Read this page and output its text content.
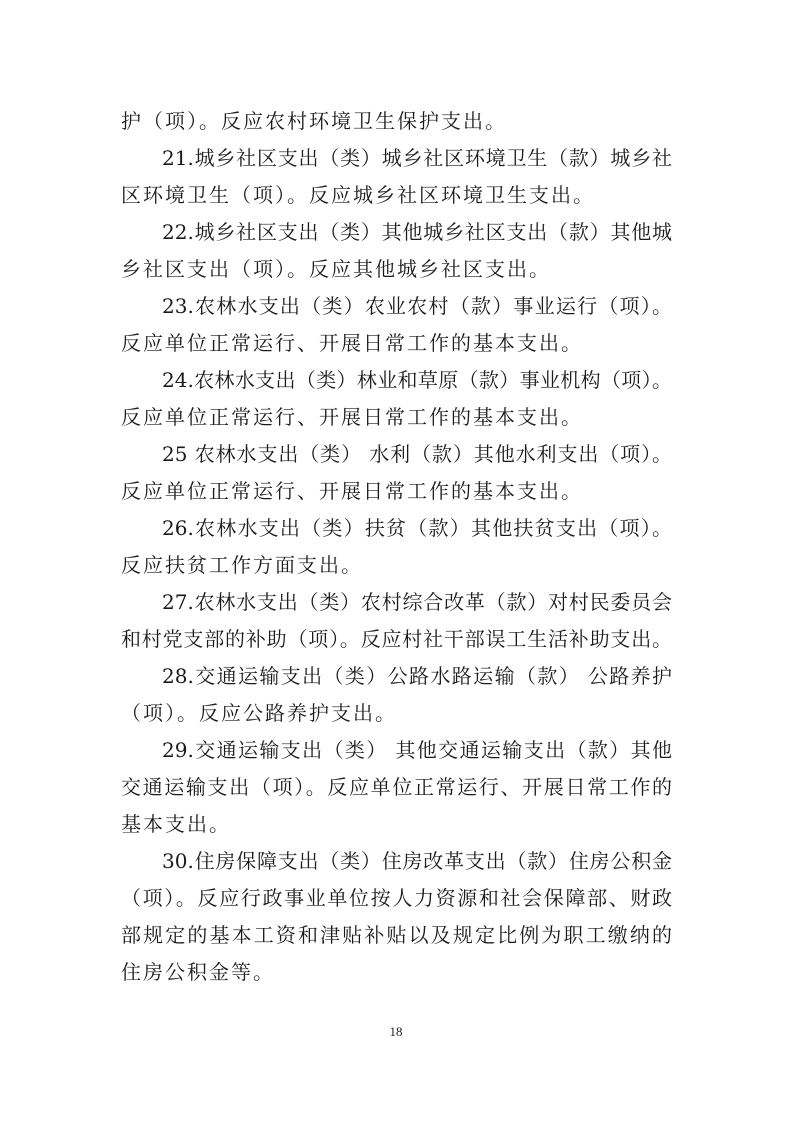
护（项）。反应农村环境卫生保护支出。
21.城乡社区支出（类）城乡社区环境卫生（款）城乡社
区环境卫生（项）。反应城乡社区环境卫生支出。
22.城乡社区支出（类）其他城乡社区支出（款）其他城
乡社区支出（项）。反应其他城乡社区支出。
23.农林水支出（类）农业农村（款）事业运行（项）。
反应单位正常运行、开展日常工作的基本支出。
24.农林水支出（类）林业和草原（款）事业机构（项）。
反应单位正常运行、开展日常工作的基本支出。
25 农林水支出（类） 水利（款）其他水利支出（项）。
反应单位正常运行、开展日常工作的基本支出。
26.农林水支出（类）扶贫（款）其他扶贫支出（项）。
反应扶贫工作方面支出。
27.农林水支出（类）农村综合改革（款）对村民委员会
和村党支部的补助（项）。反应村社干部误工生活补助支出。
28.交通运输支出（类）公路水路运输（款） 公路养护
（项）。反应公路养护支出。
29.交通运输支出（类） 其他交通运输支出（款）其他
交通运输支出（项）。反应单位正常运行、开展日常工作的
基本支出。
30.住房保障支出（类）住房改革支出（款）住房公积金
（项）。反应行政事业单位按人力资源和社会保障部、财政
部规定的基本工资和津贴补贴以及规定比例为职工缴纳的
住房公积金等。
18
